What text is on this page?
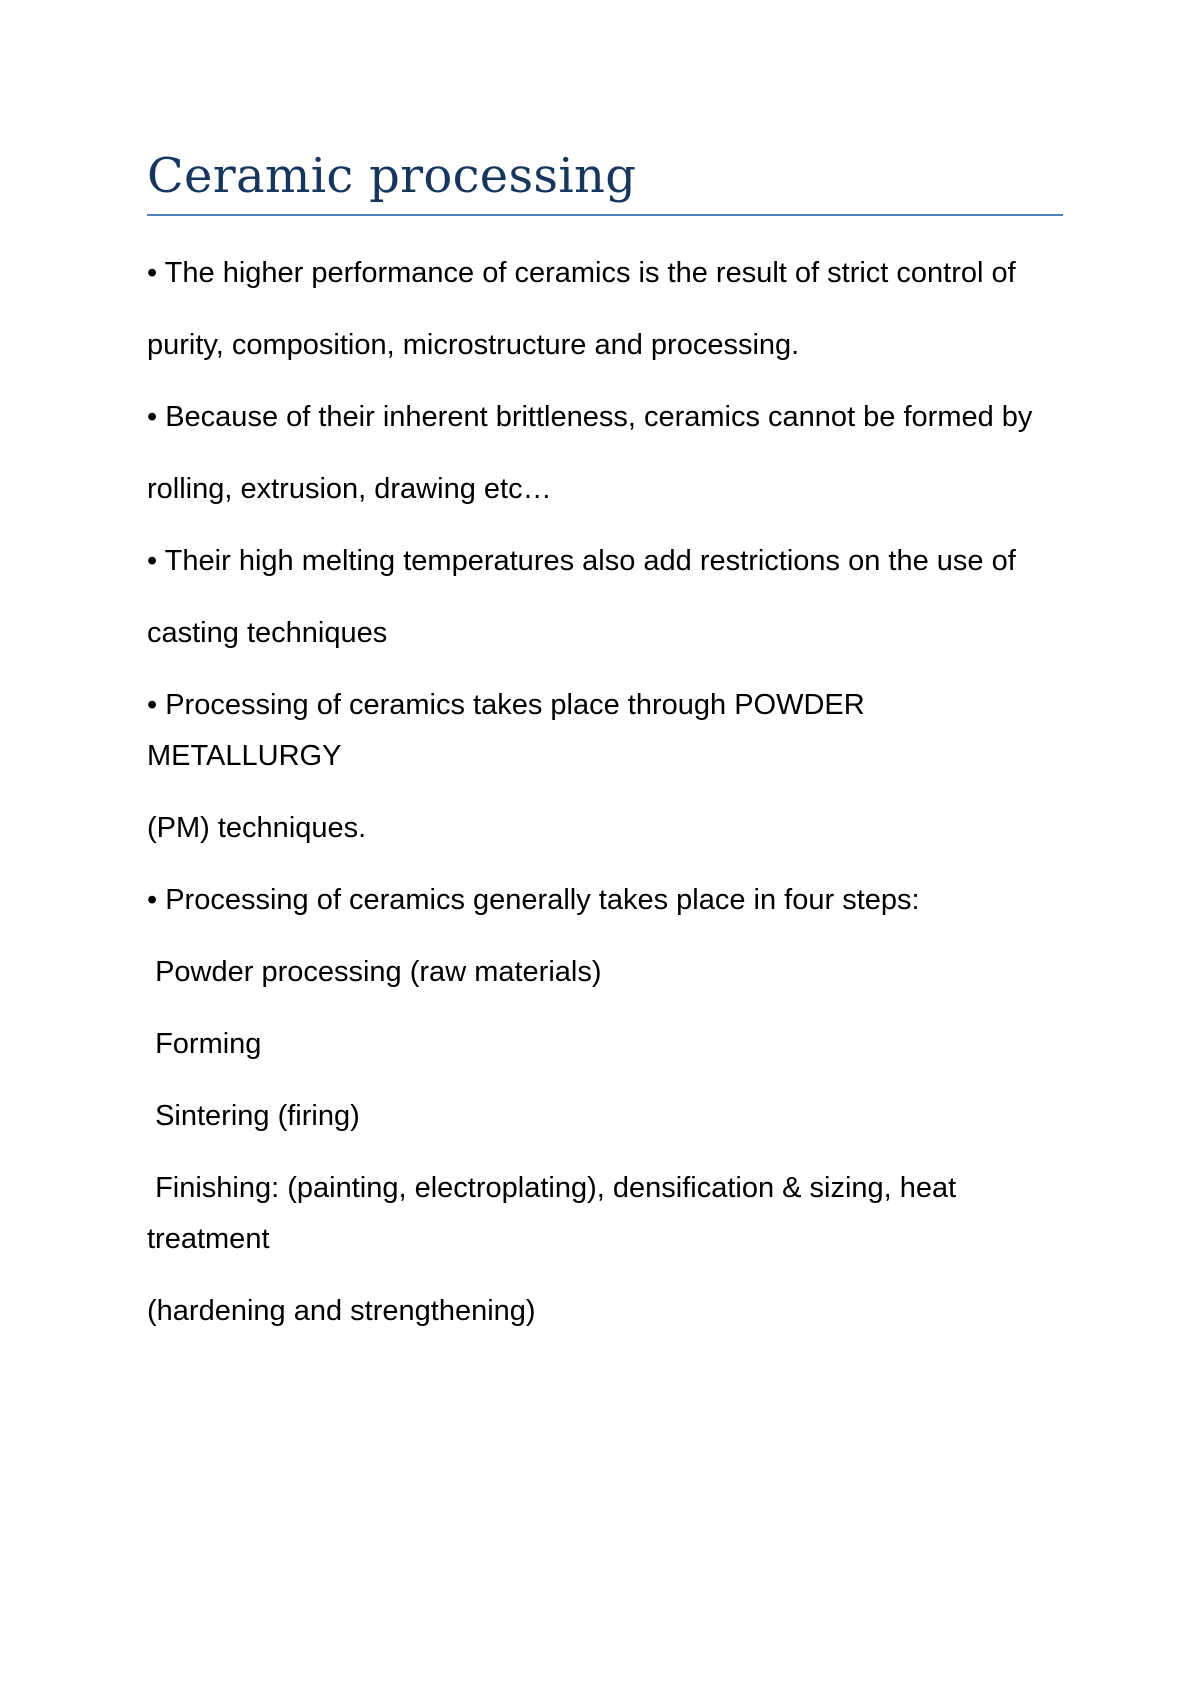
Ceramic processing

• The higher performance of ceramics is the result of strict control of

purity, composition, microstructure and processing.

• Because of their inherent brittleness, ceramics cannot be formed by

rolling, extrusion, drawing etc…

• Their high melting temperatures also add restrictions on the use of

casting techniques

• Processing of ceramics takes place through POWDER METALLURGY

(PM) techniques.

• Processing of ceramics generally takes place in four steps:

Powder processing (raw materials)

Forming

Sintering (firing)

Finishing: (painting, electroplating), densification & sizing, heat treatment

(hardening and strengthening)
